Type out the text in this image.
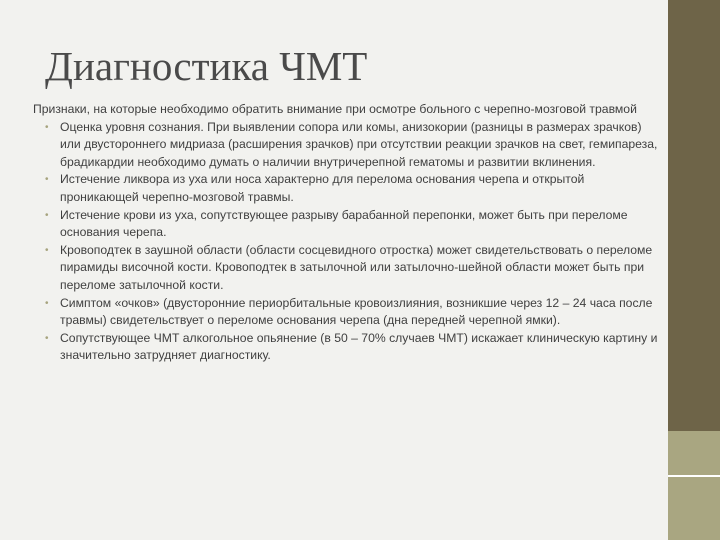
Диагностика ЧМТ

Признаки, на которые необходимо обратить внимание при осмотре больного с черепно-мозговой травмой

• Оценка уровня сознания. При выявлении сопора или комы, анизокории (разницы в размерах зрачков) или двустороннего мидриаза (расширения зрачков) при отсутствии реакции зрачков на свет, гемипареза, брадикардии необходимо думать о наличии внутричерепной гематомы и развитии вклинения.
• Истечение ликвора из уха или носа характерно для перелома основания черепа и открытой проникающей черепно-мозговой травмы.
• Истечение крови из уха, сопутствующее разрыву барабанной перепонки, может быть при переломе основания черепа.
• Кровоподтек в заушной области (области сосцевидного отростка) может свидетельствовать о переломе пирамиды височной кости. Кровоподтек в затылочной или затылочно-шейной области может быть при переломе затылочной кости.
• Симптом «очков» (двусторонние периорбитальные кровоизлияния, возникшие через 12 – 24 часа после травмы) свидетельствует о переломе основания черепа (дна передней черепной ямки).
• Сопутствующее ЧМТ алкогольное опьянение (в 50 – 70% случаев ЧМТ) искажает клиническую картину и значительно затрудняет диагностику.
